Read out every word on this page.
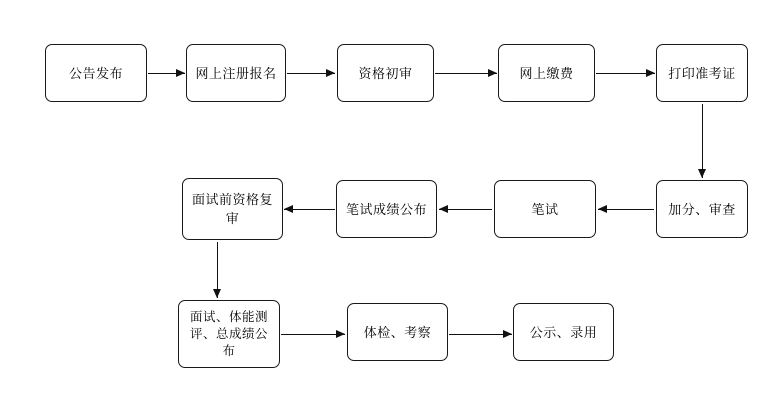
公告发布	网上注册报名	资格初审	网上缴费	打印准考证
加分、审查
笔试
笔试成绩公布
面试前资格复审
面试、体能测评、总成绩公布
体检、考察	公示、录用
